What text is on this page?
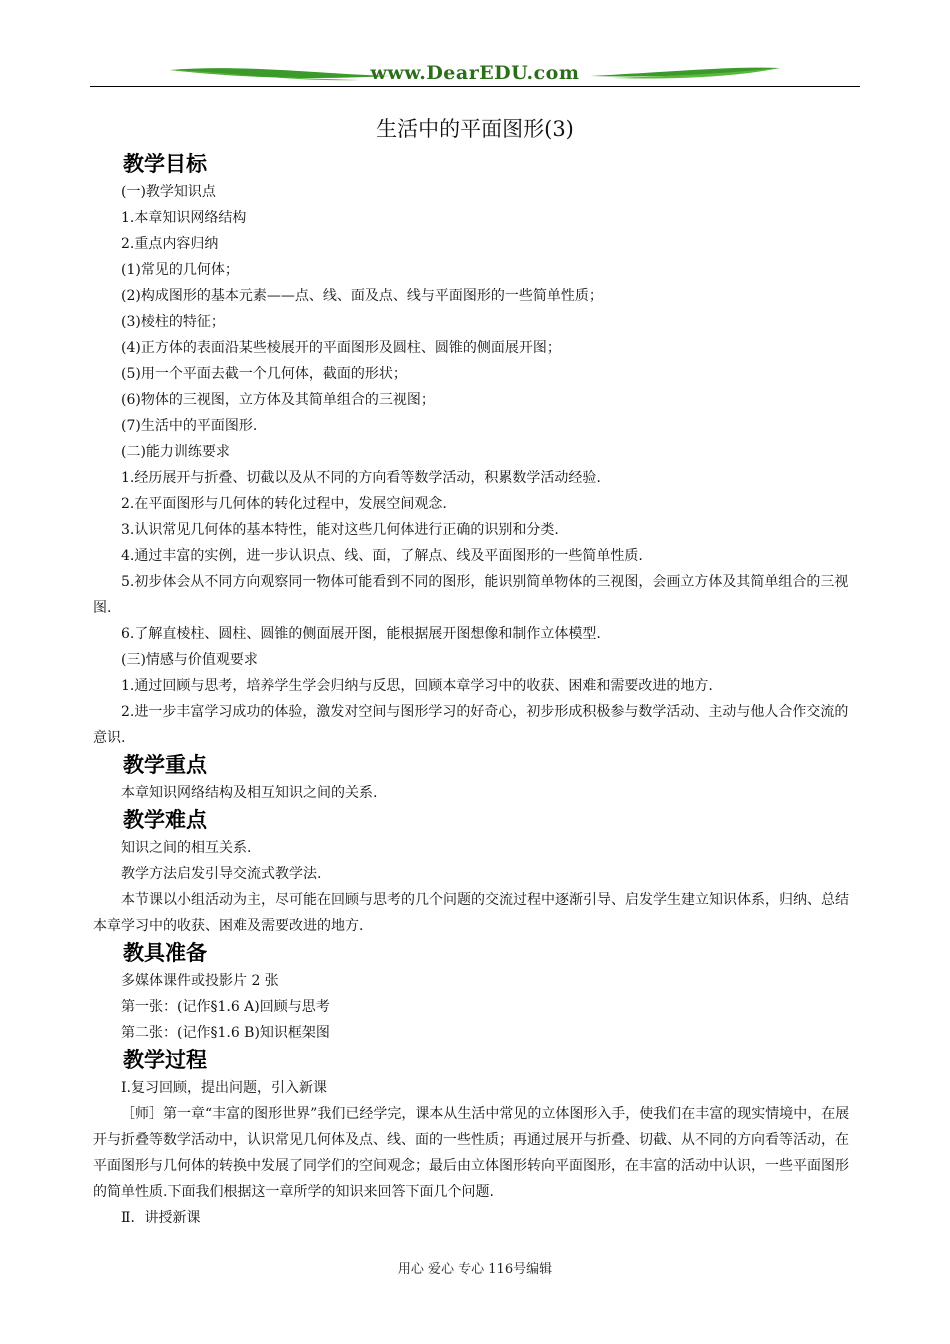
www.DearEDU.com
生活中的平面图形(3)
教学目标

(一)教学知识点

1.本章知识网络结构

2.重点内容归纳

(1)常见的几何体；

(2)构成图形的基本元素——点、线、面及点、线与平面图形的一些简单性质；

(3)棱柱的特征；

(4)正方体的表面沿某些棱展开的平面图形及圆柱、圆锥的侧面展开图；

(5)用一个平面去截一个几何体，截面的形状；

(6)物体的三视图，立方体及其简单组合的三视图；

(7)生活中的平面图形.

(二)能力训练要求

1.经历展开与折叠、切截以及从不同的方向看等数学活动，积累数学活动经验.

2.在平面图形与几何体的转化过程中，发展空间观念.

3.认识常见几何体的基本特性，能对这些几何体进行正确的识别和分类.

4.通过丰富的实例，进一步认识点、线、面，了解点、线及平面图形的一些简单性质.

5.初步体会从不同方向观察同一物体可能看到不同的图形，能识别简单物体的三视图，会画立方体及其简单组合的三视图.

6.了解直棱柱、圆柱、圆锥的侧面展开图，能根据展开图想像和制作立体模型.

(三)情感与价值观要求

1.通过回顾与思考，培养学生学会归纳与反思，回顾本章学习中的收获、困难和需要改进的地方.

2.进一步丰富学习成功的体验，激发对空间与图形学习的好奇心，初步形成积极参与数学活动、主动与他人合作交流的意识.

教学重点

本章知识网络结构及相互知识之间的关系.

教学难点

知识之间的相互关系.

教学方法启发引导交流式教学法.

本节课以小组活动为主，尽可能在回顾与思考的几个问题的交流过程中逐渐引导、启发学生建立知识体系，归纳、总结本章学习中的收获、困难及需要改进的地方.

教具准备

多媒体课件或投影片 2 张

第一张：(记作§1.6 A)回顾与思考

第二张：(记作§1.6 B)知识框架图

教学过程

Ⅰ.复习回顾，提出问题，引入新课

［师］第一章“丰富的图形世界”我们已经学完，课本从生活中常见的立体图形入手，使我们在丰富的现实情境中，在展开与折叠等数学活动中，认识常见几何体及点、线、面的一些性质；再通过展开与折叠、切截、从不同的方向看等活动，在平面图形与几何体的转换中发展了同学们的空间观念；最后由立体图形转向平面图形，在丰富的活动中认识，一些平面图形的简单性质.下面我们根据这一章所学的知识来回答下面几个问题.

Ⅱ．讲授新课

用心 爱心 专心 116号编辑
